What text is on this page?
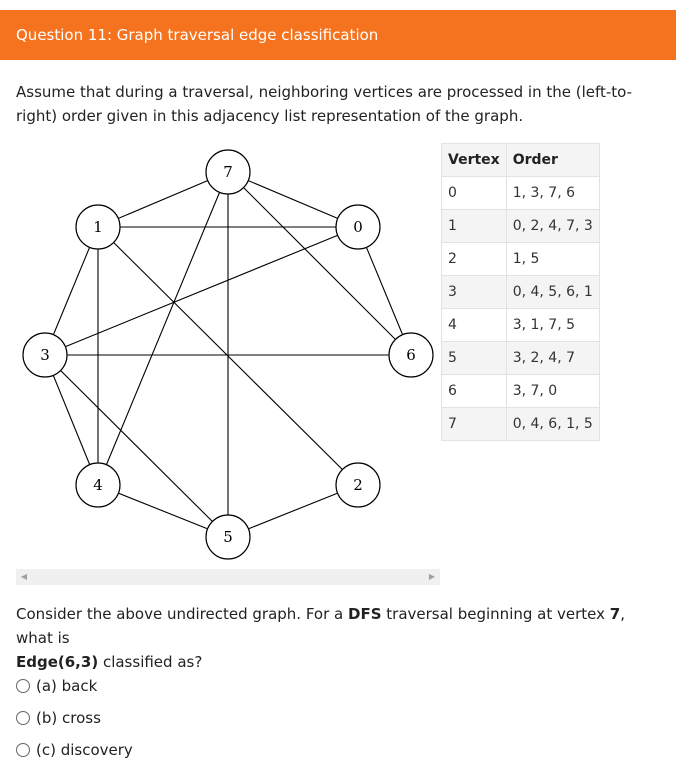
Question 11: Graph traversal edge classification
Assume that during a traversal, neighboring vertices are processed in the (left-to-right) order given in this adjacency list representation of the graph.
0
1
2
3
4
5
6
7
Vertex	Order
0	1, 3, 7, 6
1	0, 2, 4, 7, 3
2	1, 5
3	0, 4, 5, 6, 1
4	3, 1, 7, 5
5	3, 2, 4, 7
6	3, 7, 0
7	0, 4, 6, 1, 5
◀	▶
Consider the above undirected graph. For a DFS traversal beginning at vertex 7, what is
Edge(6,3) classified as?
(a) back
(b) cross
(c) discovery
